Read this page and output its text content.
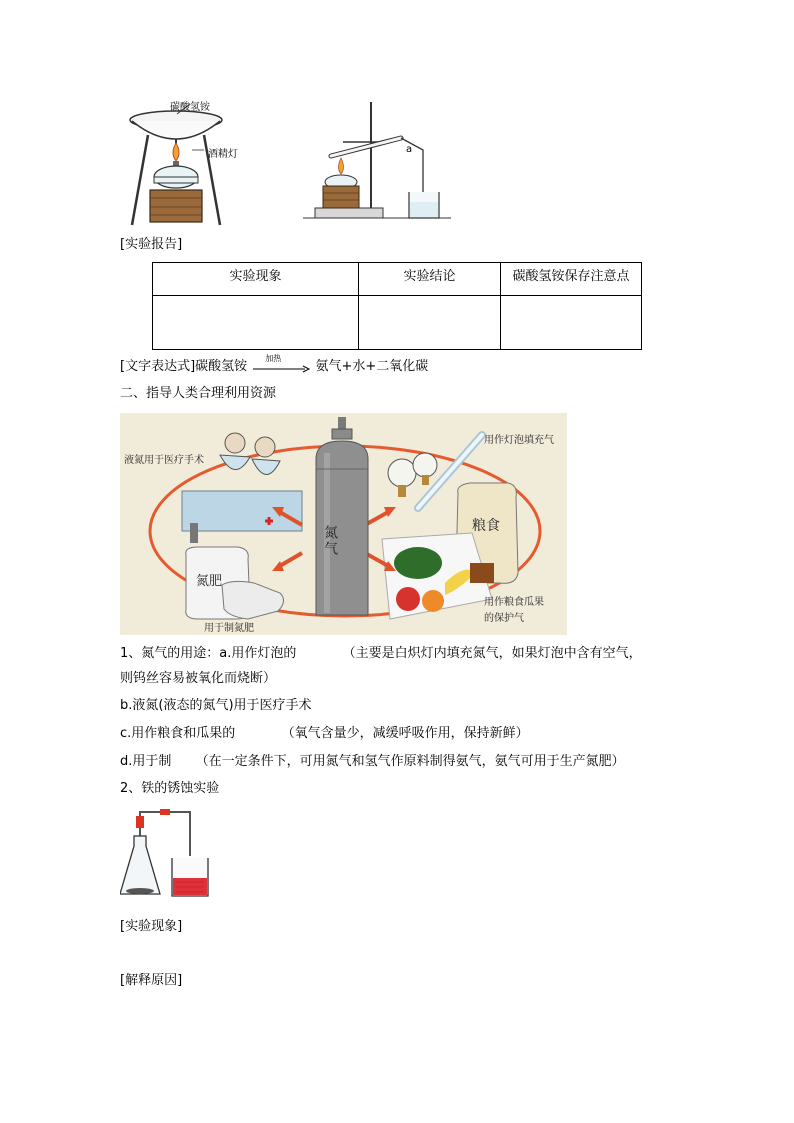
碳酸氢铵
酒精灯	a
[实验报告]
实验现象	实验结论	碳酸氢铵保存注意点

[文字表达式]碳酸氢铵
加热
氨气+水+二氧化碳
二、指导人类合理利用资源
液氮用于医疗手术
用作灯泡填充气
粮食
氮气
氮肥
用于制氮肥
用作粮食瓜果
的保护气
1、氮气的用途：a.用作灯泡的	（主要是白炽灯内填充氮气，如果灯泡中含有空气，
则钨丝容易被氧化而烧断）
b.液氮(液态的氮气)用于医疗手术
c.用作粮食和瓜果的	（氧气含量少，减缓呼吸作用，保持新鲜）
d.用于制 （在一定条件下，可用氮气和氢气作原料制得氨气，氨气可用于生产氮肥）
2、铁的锈蚀实验
[实验现象]
[解释原因]
